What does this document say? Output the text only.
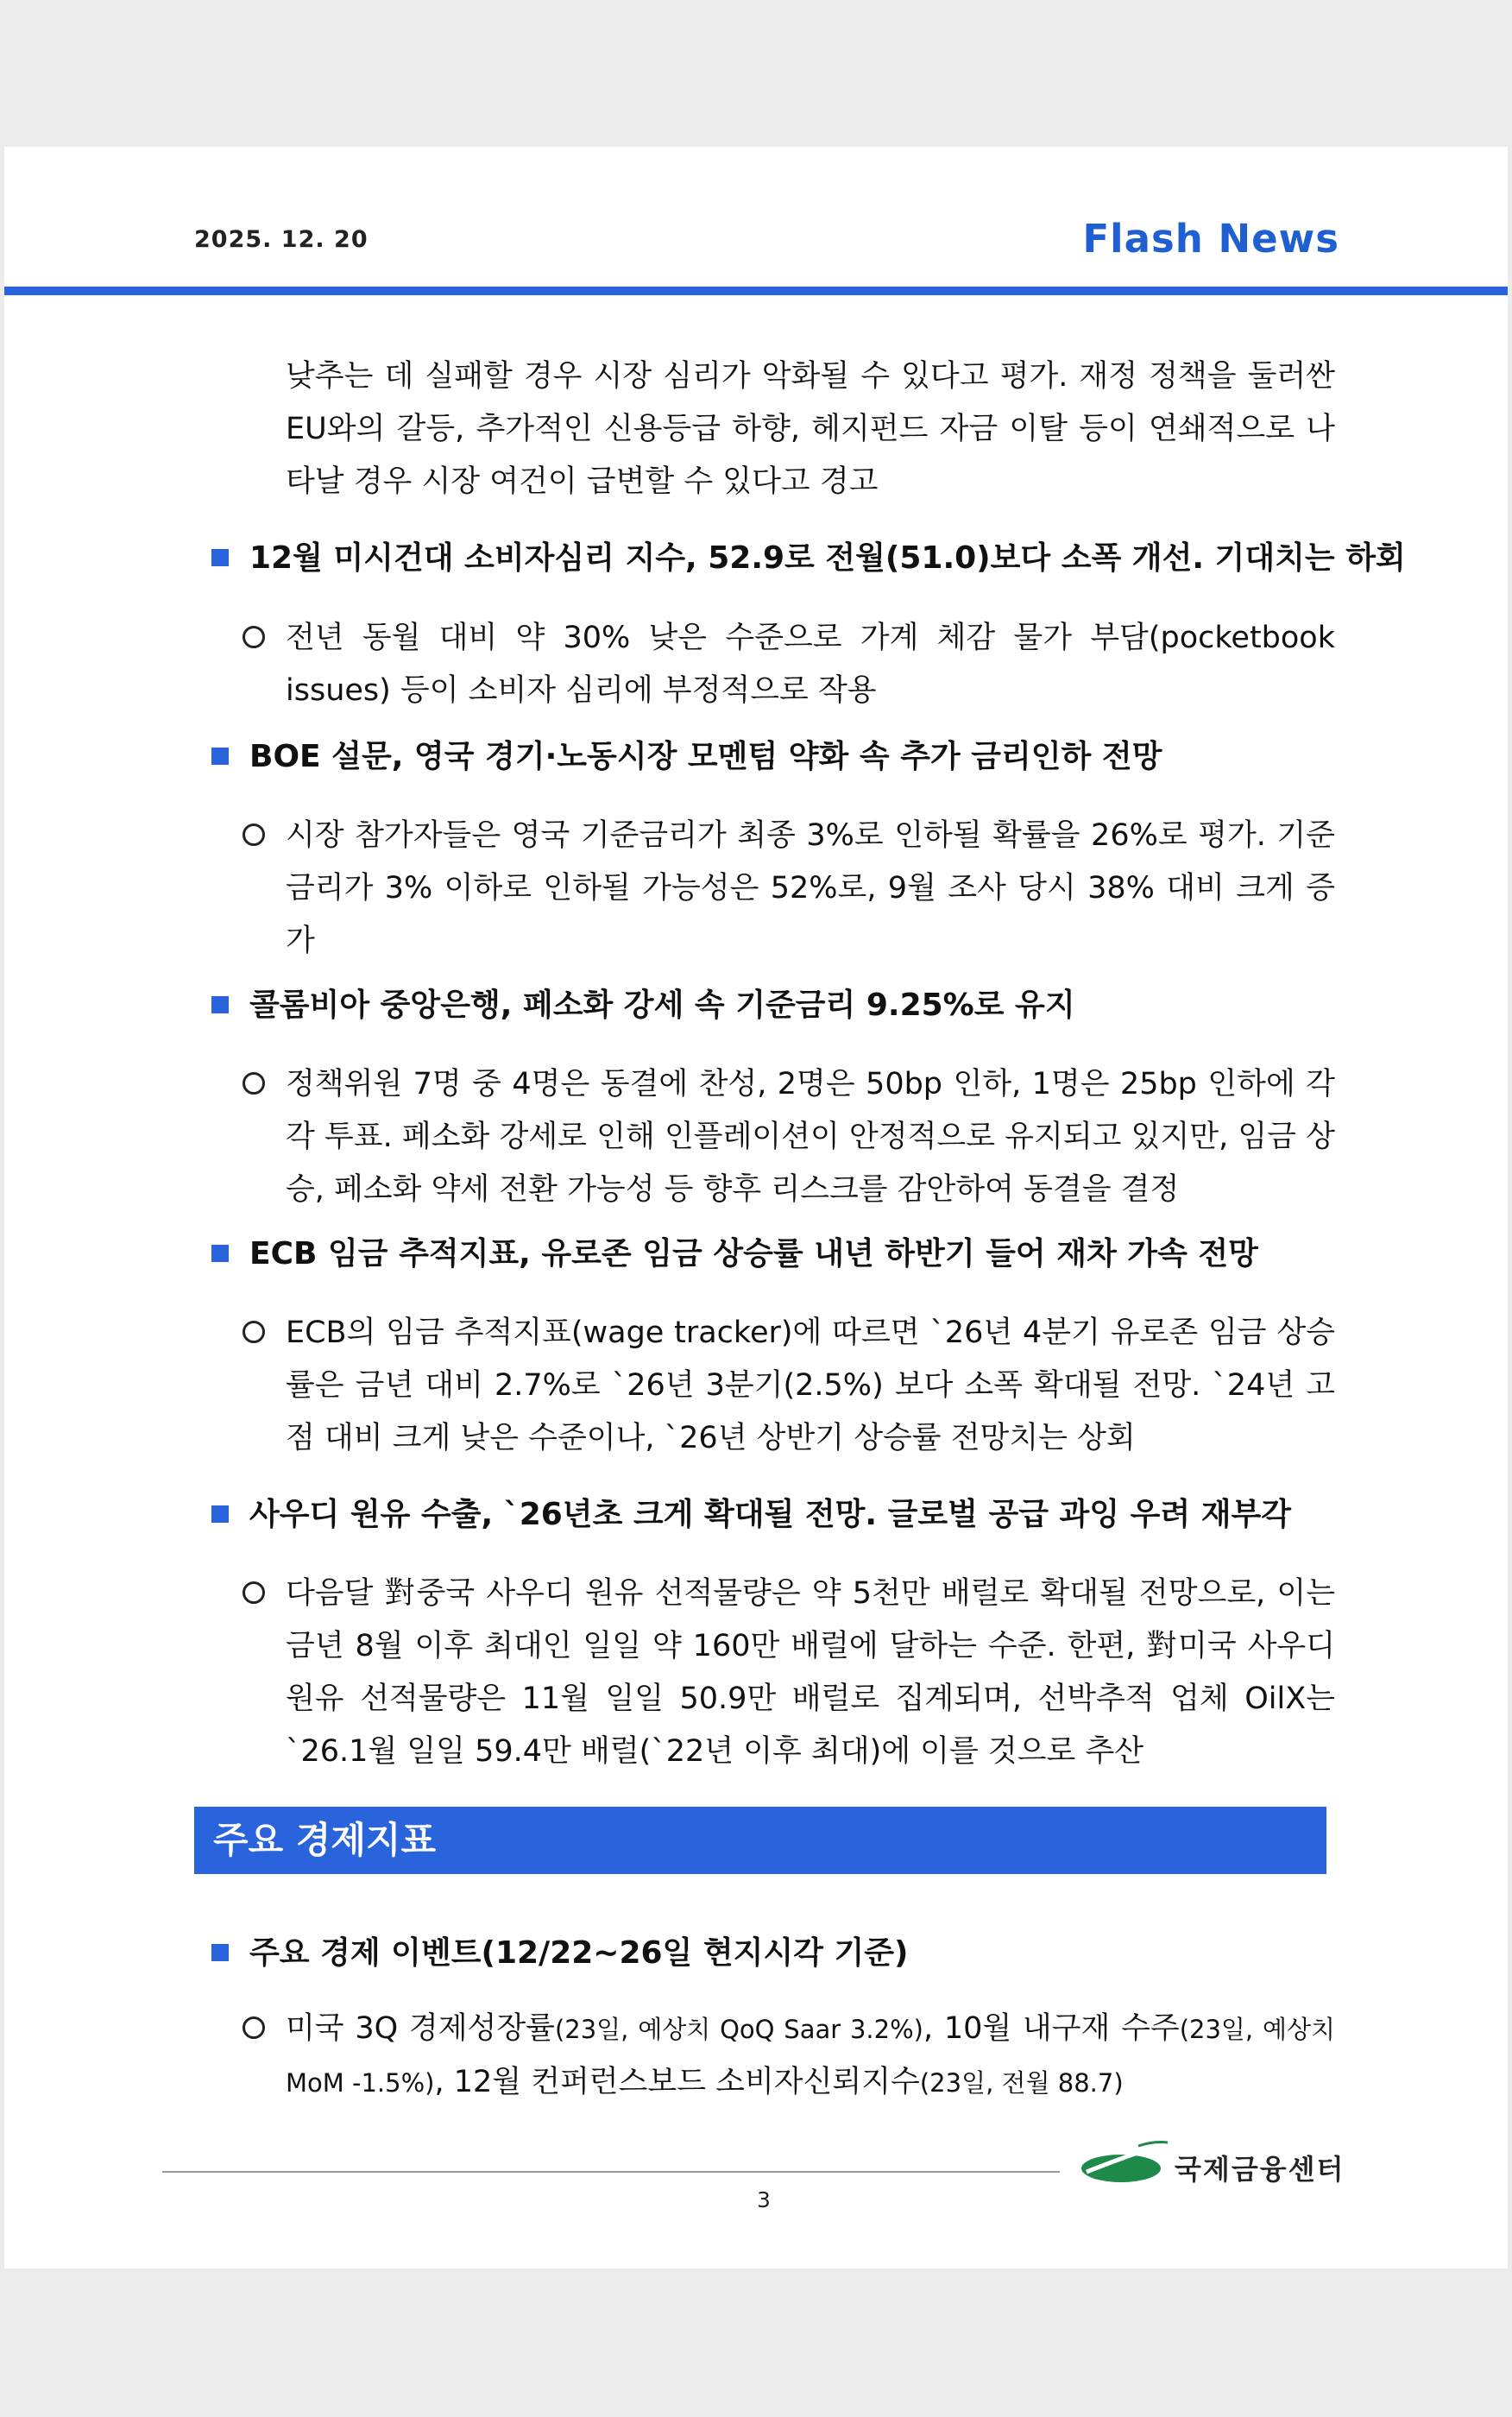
2025. 12. 20	Flash News
낮추는 데 실패할 경우 시장 심리가 악화될 수 있다고 평가. 재정 정책을 둘러싼 EU와의 갈등, 추가적인 신용등급 하향, 헤지펀드 자금 이탈 등이 연쇄적으로 나타날 경우 시장 여건이 급변할 수 있다고 경고
12월 미시건대 소비자심리 지수, 52.9로 전월(51.0)보다 소폭 개선. 기대치는 하회
전년 동월 대비 약 30% 낮은 수준으로 가계 체감 물가 부담(pocketbook issues) 등이 소비자 심리에 부정적으로 작용
BOE 설문, 영국 경기·노동시장 모멘텀 약화 속 추가 금리인하 전망
시장 참가자들은 영국 기준금리가 최종 3%로 인하될 확률을 26%로 평가. 기준금리가 3% 이하로 인하될 가능성은 52%로, 9월 조사 당시 38% 대비 크게 증가
콜롬비아 중앙은행, 페소화 강세 속 기준금리 9.25%로 유지
정책위원 7명 중 4명은 동결에 찬성, 2명은 50bp 인하, 1명은 25bp 인하에 각각 투표. 페소화 강세로 인해 인플레이션이 안정적으로 유지되고 있지만, 임금 상승, 페소화 약세 전환 가능성 등 향후 리스크를 감안하여 동결을 결정
ECB 임금 추적지표, 유로존 임금 상승률 내년 하반기 들어 재차 가속 전망
ECB의 임금 추적지표(wage tracker)에 따르면 `26년 4분기 유로존 임금 상승률은 금년 대비 2.7%로 `26년 3분기(2.5%) 보다 소폭 확대될 전망. `24년 고점 대비 크게 낮은 수준이나, `26년 상반기 상승률 전망치는 상회
사우디 원유 수출, `26년초 크게 확대될 전망. 글로벌 공급 과잉 우려 재부각
다음달 對중국 사우디 원유 선적물량은 약 5천만 배럴로 확대될 전망으로, 이는 금년 8월 이후 최대인 일일 약 160만 배럴에 달하는 수준. 한편, 對미국 사우디 원유 선적물량은 11월 일일 50.9만 배럴로 집계되며, 선박추적 업체 OilX는 `26.1월 일일 59.4만 배럴(`22년 이후 최대)에 이를 것으로 추산
주요 경제지표
주요 경제 이벤트(12/22~26일 현지시각 기준)
미국 3Q 경제성장률(23일, 예상치 QoQ Saar 3.2%), 10월 내구재 수주(23일, 예상치 MoM -1.5%), 12월 컨퍼런스보드 소비자신뢰지수(23일, 전월 88.7)
3
국제금융센터
